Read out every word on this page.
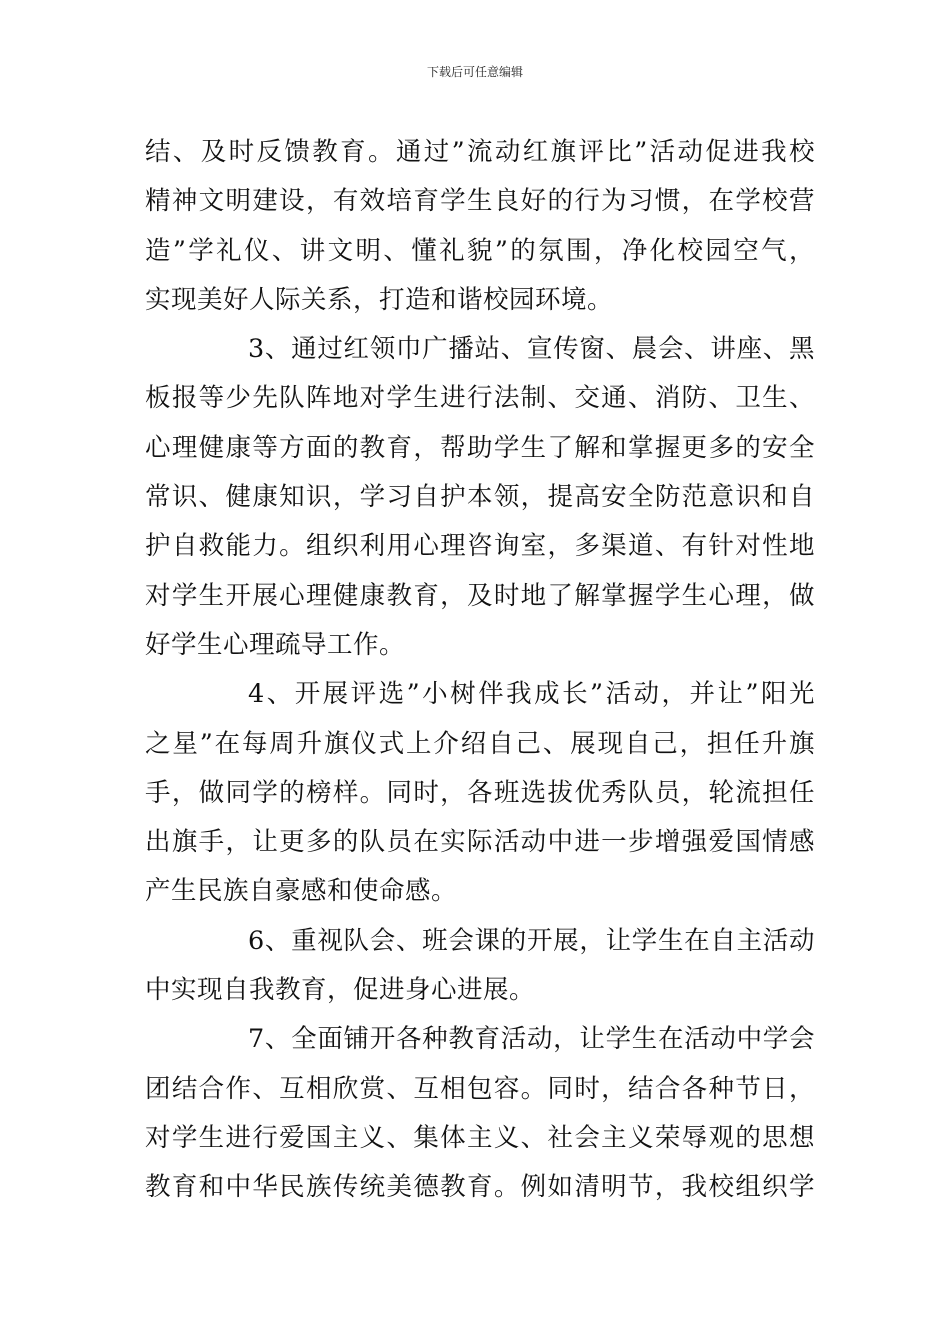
下载后可任意编辑
结、及时反馈教育。通过”流动红旗评比”活动促进我校
精神文明建设，有效培育学生良好的行为习惯，在学校营
造”学礼仪、讲文明、懂礼貌”的氛围，净化校园空气，
实现美好人际关系，打造和谐校园环境。
3、通过红领巾广播站、宣传窗、晨会、讲座、黑
板报等少先队阵地对学生进行法制、交通、消防、卫生、
心理健康等方面的教育，帮助学生了解和掌握更多的安全
常识、健康知识，学习自护本领，提高安全防范意识和自
护自救能力。组织利用心理咨询室，多渠道、有针对性地
对学生开展心理健康教育，及时地了解掌握学生心理，做
好学生心理疏导工作。
4、开展评选”小树伴我成长”活动，并让”阳光
之星”在每周升旗仪式上介绍自己、展现自己，担任升旗
手，做同学的榜样。同时，各班选拔优秀队员，轮流担任
出旗手，让更多的队员在实际活动中进一步增强爱国情感
产生民族自豪感和使命感。
6、重视队会、班会课的开展，让学生在自主活动
中实现自我教育，促进身心进展。
7、全面铺开各种教育活动，让学生在活动中学会
团结合作、互相欣赏、互相包容。同时，结合各种节日，
对学生进行爱国主义、集体主义、社会主义荣辱观的思想
教育和中华民族传统美德教育。例如清明节，我校组织学
